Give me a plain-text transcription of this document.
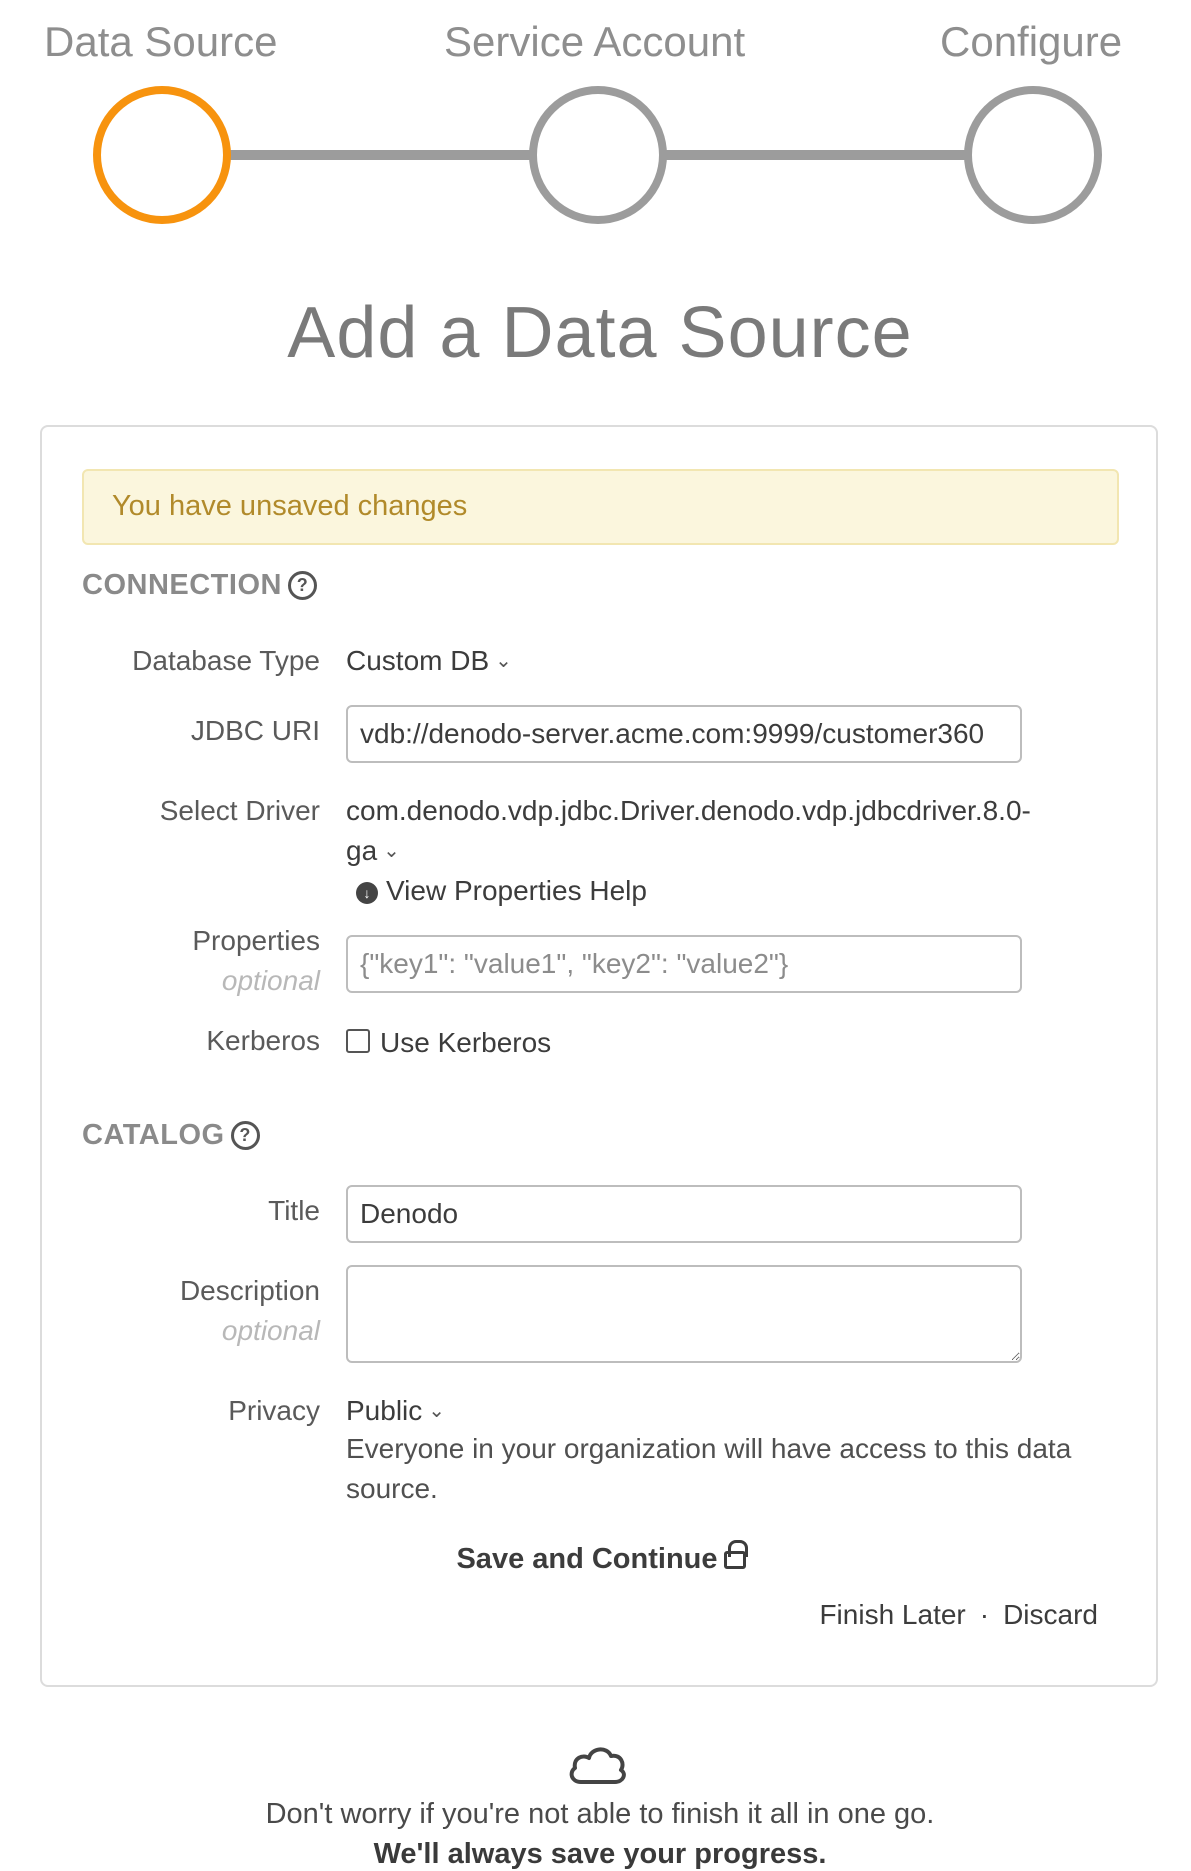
Data Source	Service Account	Configure
Add a Data Source
You have unsaved changes
CONNECTION ?
Database Type Custom DB ⌄
JDBC URI
vdb://denodo-server.acme.com:9999/customer360
Select Driver com.denodo.vdp.jdbc.Driver.denodo.vdp.jdbcdriver.8.0-
ga ⌄
↓ View Properties Help
Properties
optional
{"key1": "value1", "key2": "value2"}
Kerberos Use Kerberos
CATALOG ?
Title
Denodo
Description
optional
Privacy Public ⌄
Everyone in your organization will have access to this data source.
Save and Continue
Finish Later · Discard
Don't worry if you're not able to finish it all in one go.
We'll always save your progress.
